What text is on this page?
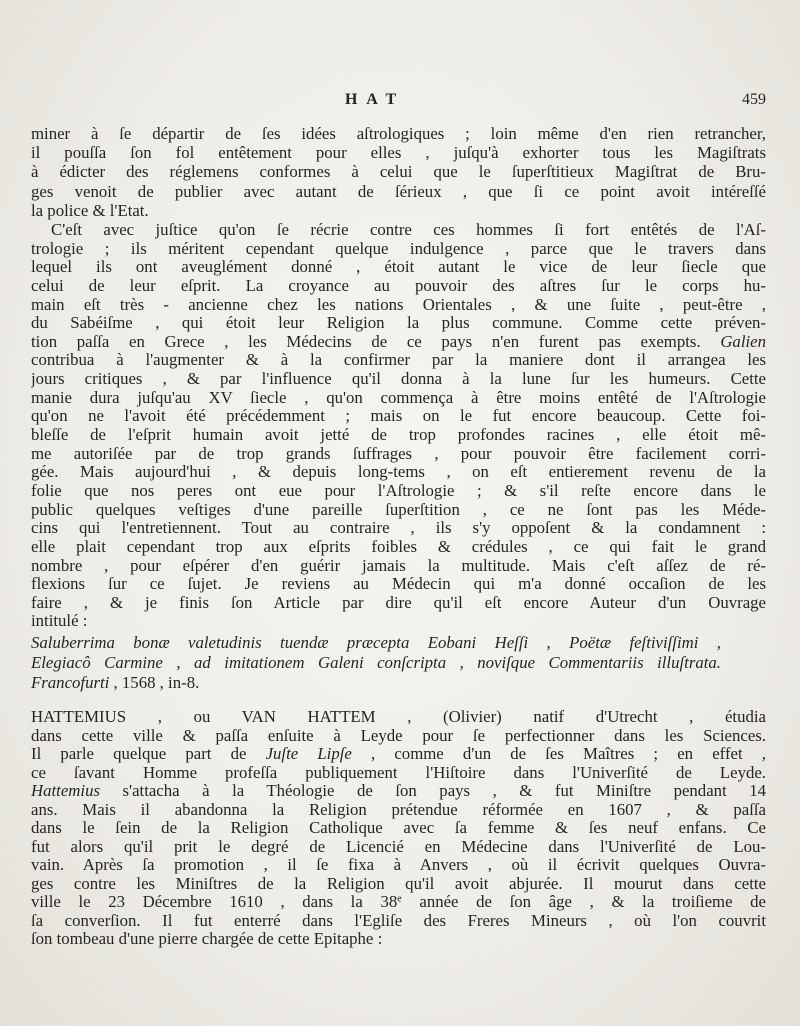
HAT	459
miner à ſe départir de ſes idées aſtrologiques ; loin même d'en rien retrancher,
il pouſſa ſon fol entêtement pour elles , juſqu'à exhorter tous les Magiſtrats
à édicter des réglemens conformes à celui que le ſuperſtitieux Magiſtrat de Bru-
ges venoit de publier avec autant de ſérieux , que ſi ce point avoit intéreſſé
la police & l'Etat.
C'eſt avec juſtice qu'on ſe récrie contre ces hommes ſi fort entêtés de l'Aſ-
trologie ; ils méritent cependant quelque indulgence , parce que le travers dans
lequel ils ont aveuglément donné , étoit autant le vice de leur ſiecle que
celui de leur eſprit. La croyance au pouvoir des aſtres ſur le corps hu-
main eſt très - ancienne chez les nations Orientales , & une ſuite , peut-être ,
du Sabéiſme , qui étoit leur Religion la plus commune. Comme cette préven-
tion paſſa en Grece , les Médecins de ce pays n'en furent pas exempts. Galien
contribua à l'augmenter & à la confirmer par la maniere dont il arrangea les
jours critiques , & par l'influence qu'il donna à la lune ſur les humeurs. Cette
manie dura juſqu'au XV ſiecle , qu'on commença à être moins entêté de l'Aſtrologie
qu'on ne l'avoit été précédemment ; mais on le fut encore beaucoup. Cette foi-
bleſſe de l'eſprit humain avoit jetté de trop profondes racines , elle étoit mê-
me autoriſée par de trop grands ſuffrages , pour pouvoir être facilement corri-
gée. Mais aujourd'hui , & depuis long-tems , on eſt entierement revenu de la
folie que nos peres ont eue pour l'Aſtrologie ; & s'il reſte encore dans le
public quelques veſtiges d'une pareille ſuperſtition , ce ne ſont pas les Méde-
cins qui l'entretiennent. Tout au contraire , ils s'y oppoſent & la condamnent :
elle plait cependant trop aux eſprits foibles & crédules , ce qui fait le grand
nombre , pour eſpérer d'en guérir jamais la multitude. Mais c'eſt aſſez de ré-
flexions ſur ce ſujet. Je reviens au Médecin qui m'a donné occaſion de les
faire , & je finis ſon Article par dire qu'il eſt encore Auteur d'un Ouvrage
intitulé :
Saluberrima bonæ valetudinis tuendæ præcepta Eobani Heſſi , Poëtæ feſtiviſſimi ,
Elegiacô Carmine , ad imitationem Galeni conſcripta , noviſque Commentariis illuſtrata.
Francofurti , 1568 , in-8.
HATTEMIUS , ou VAN HATTEM , (Olivier) natif d'Utrecht , étudia
dans cette ville & paſſa enſuite à Leyde pour ſe perfectionner dans les Sciences.
Il parle quelque part de Juſte Lipſe , comme d'un de ſes Maîtres ; en effet ,
ce ſavant Homme profeſſa publiquement l'Hiſtoire dans l'Univerſité de Leyde.
Hattemius s'attacha à la Théologie de ſon pays , & fut Miniſtre pendant 14
ans. Mais il abandonna la Religion prétendue réformée en 1607 , & paſſa
dans le ſein de la Religion Catholique avec ſa femme & ſes neuf enfans. Ce
fut alors qu'il prit le degré de Licencié en Médecine dans l'Univerſité de Lou-
vain. Après ſa promotion , il ſe fixa à Anvers , où il écrivit quelques Ouvra-
ges contre les Miniſtres de la Religion qu'il avoit abjurée. Il mourut dans cette
ville le 23 Décembre 1610 , dans la 38e année de ſon âge , & la troiſieme de
ſa converſion. Il fut enterré dans l'Egliſe des Freres Mineurs , où l'on couvrit
ſon tombeau d'une pierre chargée de cette Epitaphe :
